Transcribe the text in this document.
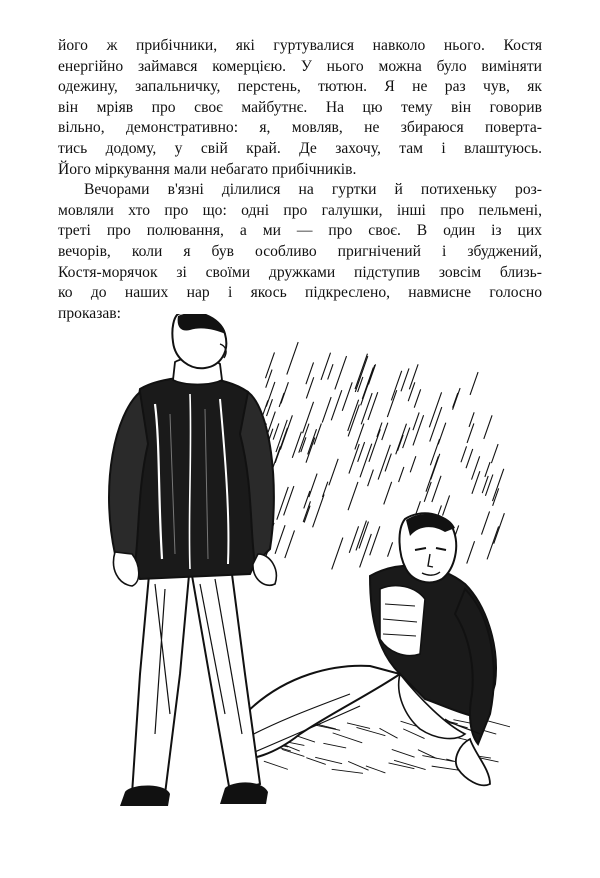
його ж прибічники, які гуртувалися навколо нього. Костя
енергійно займався комерцією. У нього можна було виміняти
одежину, запальничку, перстень, тютюн. Я не раз чув, як
він мріяв про своє майбутнє. На цю тему він говорив
вільно, демонстративно: я, мовляв, не збираюся поверта-
тись додому, у свій край. Де захочу, там і влаштуюсь.
Його міркування мали небагато прибічників.

Вечорами в'язні ділилися на гуртки й потихеньку роз-
мовляли хто про що: одні про галушки, інші про пельмені,
треті про полювання, а ми — про своє. В один із цих
вечорів, коли я був особливо пригнічений і збуджений,
Костя-морячок зі своїми дружками підступив зовсім близь-
ко до наших нар і якось підкреслено, навмисне голосно
проказав:
